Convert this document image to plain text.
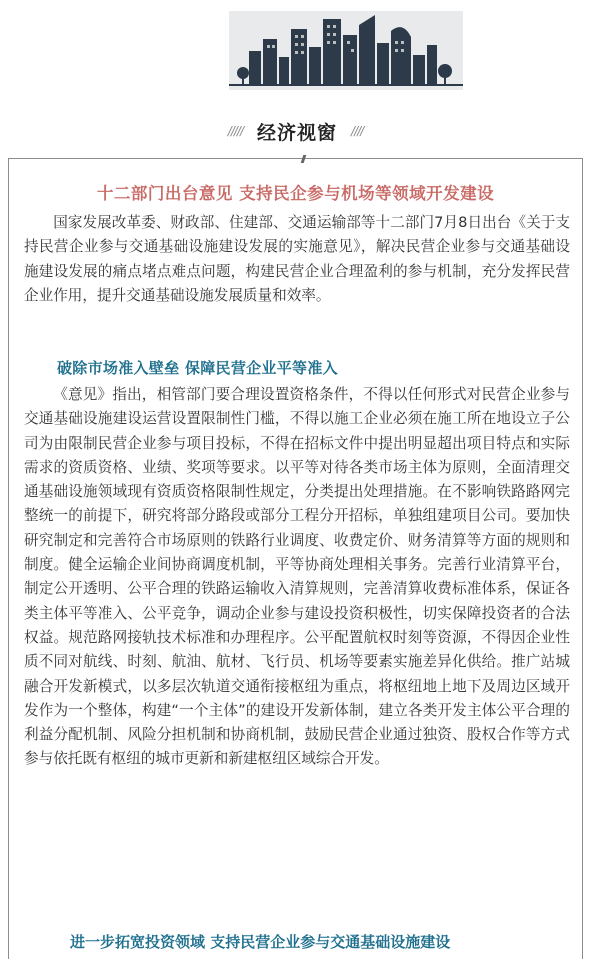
///// 经济视窗 ////
十二部门出台意见 支持民企参与机场等领域开发建设

国家发展改革委、财政部、住建部、交通运输部等十二部门7月8日出台《关于支持民营企业参与交通基础设施建设发展的实施意见》，解决民营企业参与交通基础设施建设发展的痛点堵点难点问题，构建民营企业合理盈利的参与机制，充分发挥民营企业作用，提升交通基础设施发展质量和效率。

破除市场准入壁垒 保障民营企业平等准入

《意见》指出，相管部门要合理设置资格条件，不得以任何形式对民营企业参与交通基础设施建设运营设置限制性门槛，不得以施工企业必须在施工所在地设立子公司为由限制民营企业参与项目投标，不得在招标文件中提出明显超出项目特点和实际需求的资质资格、业绩、奖项等要求。以平等对待各类市场主体为原则，全面清理交通基础设施领域现有资质资格限制性规定，分类提出处理措施。在不影响铁路路网完整统一的前提下，研究将部分路段或部分工程分开招标，单独组建项目公司。要加快研究制定和完善符合市场原则的铁路行业调度、收费定价、财务清算等方面的规则和制度。健全运输企业间协商调度机制，平等协商处理相关事务。完善行业清算平台，制定公开透明、公平合理的铁路运输收入清算规则，完善清算收费标准体系，保证各类主体平等准入、公平竞争，调动企业参与建设投资积极性，切实保障投资者的合法权益。规范路网接轨技术标准和办理程序。公平配置航权时刻等资源，不得因企业性质不同对航线、时刻、航油、航材、飞行员、机场等要素实施差异化供给。推广站城融合开发新模式，以多层次轨道交通衔接枢纽为重点，将枢纽地上地下及周边区域开发作为一个整体，构建“一个主体”的建设开发新体制，建立各类开发主体公平合理的利益分配机制、风险分担机制和协商机制，鼓励民营企业通过独资、股权合作等方式参与依托既有枢纽的城市更新和新建枢纽区域综合开发。

进一步拓宽投资领域 支持民营企业参与交通基础设施建设
